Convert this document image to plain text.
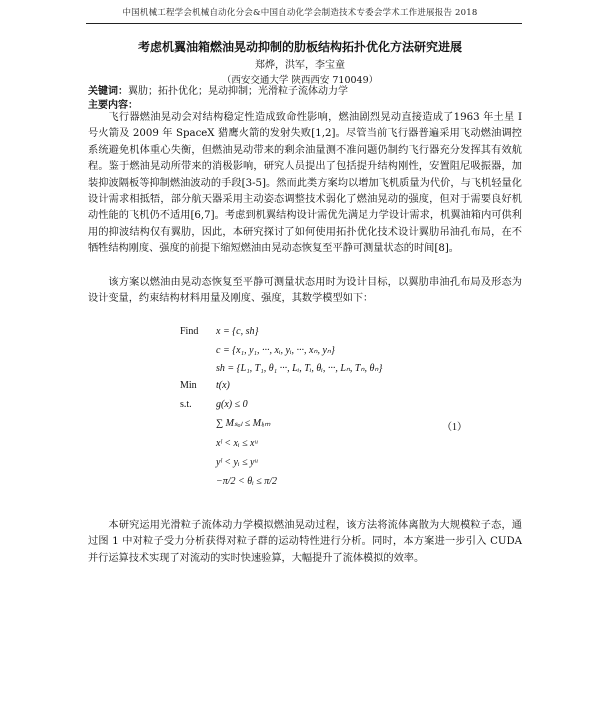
中国机械工程学会机械自动化分会&中国自动化学会制造技术专委会学术工作进展报告 2018
考虑机翼油箱燃油晃动抑制的肋板结构拓扑优化方法研究进展
郑烨，洪军，李宝童
（西安交通大学 陕西西安 710049）
关键词：翼肋；拓扑优化；晃动抑制；光滑粒子流体动力学
主要内容：

飞行器燃油晃动会对结构稳定性造成致命性影响，燃油剧烈晃动直接造成了1963 年土星 I 号火箭及 2009 年 SpaceX 猎鹰火箭的发射失败[1,2]。尽管当前飞行器普遍采用飞动燃油调控系统避免机体重心失衡，但燃油晃动带来的剩余油量测不准问题仍制约飞行器充分发挥其有效航程。鉴于燃油晃动所带来的消极影响，研究人员提出了包括提升结构刚性，安置阻尼吸振器，加装抑波隔板等抑制燃油波动的手段[3-5]。然而此类方案均以增加飞机质量为代价，与飞机轻量化设计需求相抵牾，部分航天器采用主动姿态调整技术弱化了燃油晃动的强度，但对于需要良好机动性能的飞机仍不适用[6,7]。考虑到机翼结构设计需优先满足力学设计需求，机翼油箱内可供利用的抑波结构仅有翼肋，因此，本研究探讨了如何使用拓扑优化技术设计翼肋吊油孔布局，在不牺牲结构刚度、强度的前提下缩短燃油由晃动态恢复至平静可测量状态的时间[8]。

该方案以燃油由晃动态恢复至平静可测量状态用时为设计目标，以翼肋串油孔布局及形态为设计变量，约束结构材料用量及刚度、强度，其数学模型如下：

Find x = {c, sh}
c = {x₁, y₁, ···, xᵢ, yᵢ, ···, xₙ, yₙ}
sh = {L₁, T₁, θ₁ ···, Lᵢ, Tᵢ, θᵢ, ···, Lₙ, Tₙ, θₙ}
Min t(x)
s.t. g(x) ≤ 0
∑ Mₛₒₗ ≤ Mₗᵢₘ
xˡ < xᵢ ≤ xᵘ
yˡ < yᵢ ≤ yᵘ
−π/2 < θᵢ ≤ π/2
（1）

本研究运用光滑粒子流体动力学模拟燃油晃动过程，该方法将流体离散为大规模粒子态，通过图 1 中对粒子受力分析获得对粒子群的运动特性进行分析。同时，本方案进一步引入 CUDA 并行运算技术实现了对流动的实时快速验算，大幅提升了流体模拟的效率。
